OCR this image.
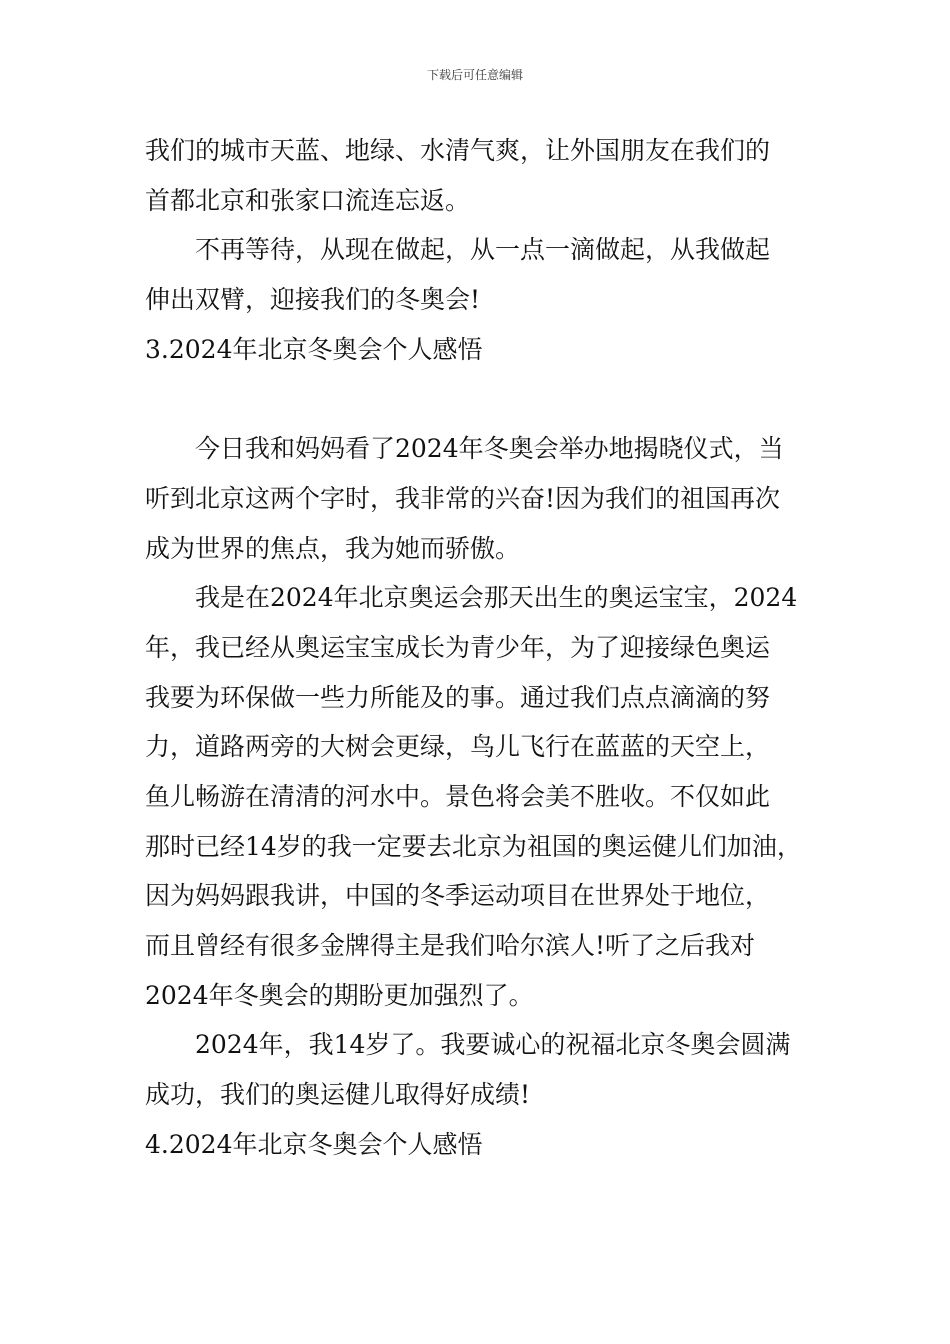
下载后可任意编辑
我们的城市天蓝、地绿、水清气爽，让外国朋友在我们的
首都北京和张家口流连忘返。
不再等待，从现在做起，从一点一滴做起，从我做起
伸出双臂，迎接我们的冬奥会!
3.2024年北京冬奥会个人感悟
今日我和妈妈看了2024年冬奥会举办地揭晓仪式，当
听到北京这两个字时，我非常的兴奋!因为我们的祖国再次
成为世界的焦点，我为她而骄傲。
我是在2024年北京奥运会那天出生的奥运宝宝，2024
年，我已经从奥运宝宝成长为青少年，为了迎接绿色奥运
我要为环保做一些力所能及的事。通过我们点点滴滴的努
力，道路两旁的大树会更绿，鸟儿飞行在蓝蓝的天空上，
鱼儿畅游在清清的河水中。景色将会美不胜收。不仅如此
那时已经14岁的我一定要去北京为祖国的奥运健儿们加油，
因为妈妈跟我讲，中国的冬季运动项目在世界处于地位，
而且曾经有很多金牌得主是我们哈尔滨人!听了之后我对
2024年冬奥会的期盼更加强烈了。
2024年，我14岁了。我要诚心的祝福北京冬奥会圆满
成功，我们的奥运健儿取得好成绩!
4.2024年北京冬奥会个人感悟
